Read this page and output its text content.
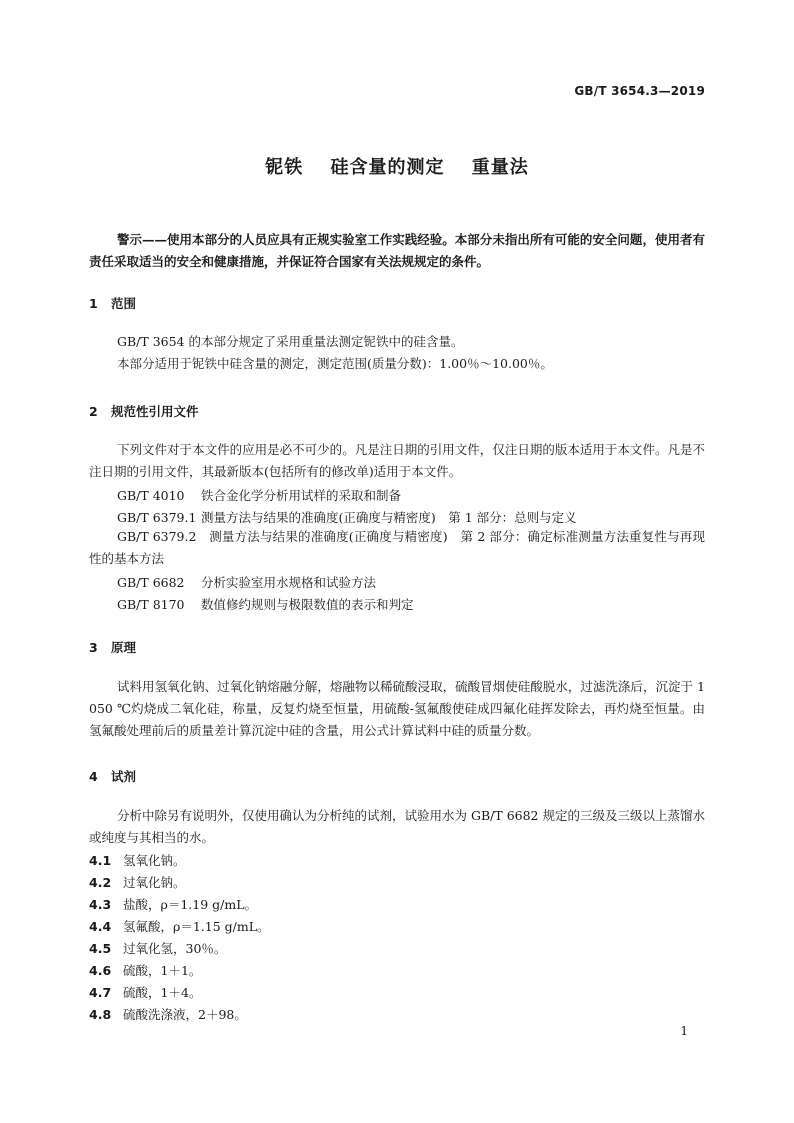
GB/T 3654.3—2019
铌铁 硅含量的测定 重量法
警示——使用本部分的人员应具有正规实验室工作实践经验。本部分未指出所有可能的安全问题，使用者有责任采取适当的安全和健康措施，并保证符合国家有关法规规定的条件。
1 范围
GB/T 3654 的本部分规定了采用重量法测定铌铁中的硅含量。
本部分适用于铌铁中硅含量的测定，测定范围(质量分数)：1.00％～10.00％。
2 规范性引用文件
下列文件对于本文件的应用是必不可少的。凡是注日期的引用文件，仅注日期的版本适用于本文件。凡是不注日期的引用文件，其最新版本(包括所有的修改单)适用于本文件。
GB/T 4010 铁合金化学分析用试样的采取和制备
GB/T 6379.1 测量方法与结果的准确度(正确度与精密度)　第 1 部分：总则与定义
GB/T 6379.2 测量方法与结果的准确度(正确度与精密度)　第 2 部分：确定标准测量方法重复性与再现性的基本方法
GB/T 6682 分析实验室用水规格和试验方法
GB/T 8170 数值修约规则与极限数值的表示和判定
3 原理
试料用氢氧化钠、过氧化钠熔融分解，熔融物以稀硫酸浸取，硫酸冒烟使硅酸脱水，过滤洗涤后，沉淀于 1 050 ℃灼烧成二氧化硅，称量，反复灼烧至恒量，用硫酸-氢氟酸使硅成四氟化硅挥发除去，再灼烧至恒量。由氢氟酸处理前后的质量差计算沉淀中硅的含量，用公式计算试料中硅的质量分数。
4 试剂
分析中除另有说明外，仅使用确认为分析纯的试剂，试验用水为 GB/T 6682 规定的三级及三级以上蒸馏水或纯度与其相当的水。
4.1 氢氧化钠。
4.2 过氧化钠。
4.3 盐酸，ρ＝1.19 g/mL。
4.4 氢氟酸，ρ＝1.15 g/mL。
4.5 过氧化氢，30％。
4.6 硫酸，1＋1。
4.7 硫酸，1＋4。
4.8 硫酸洗涤液，2＋98。
1
